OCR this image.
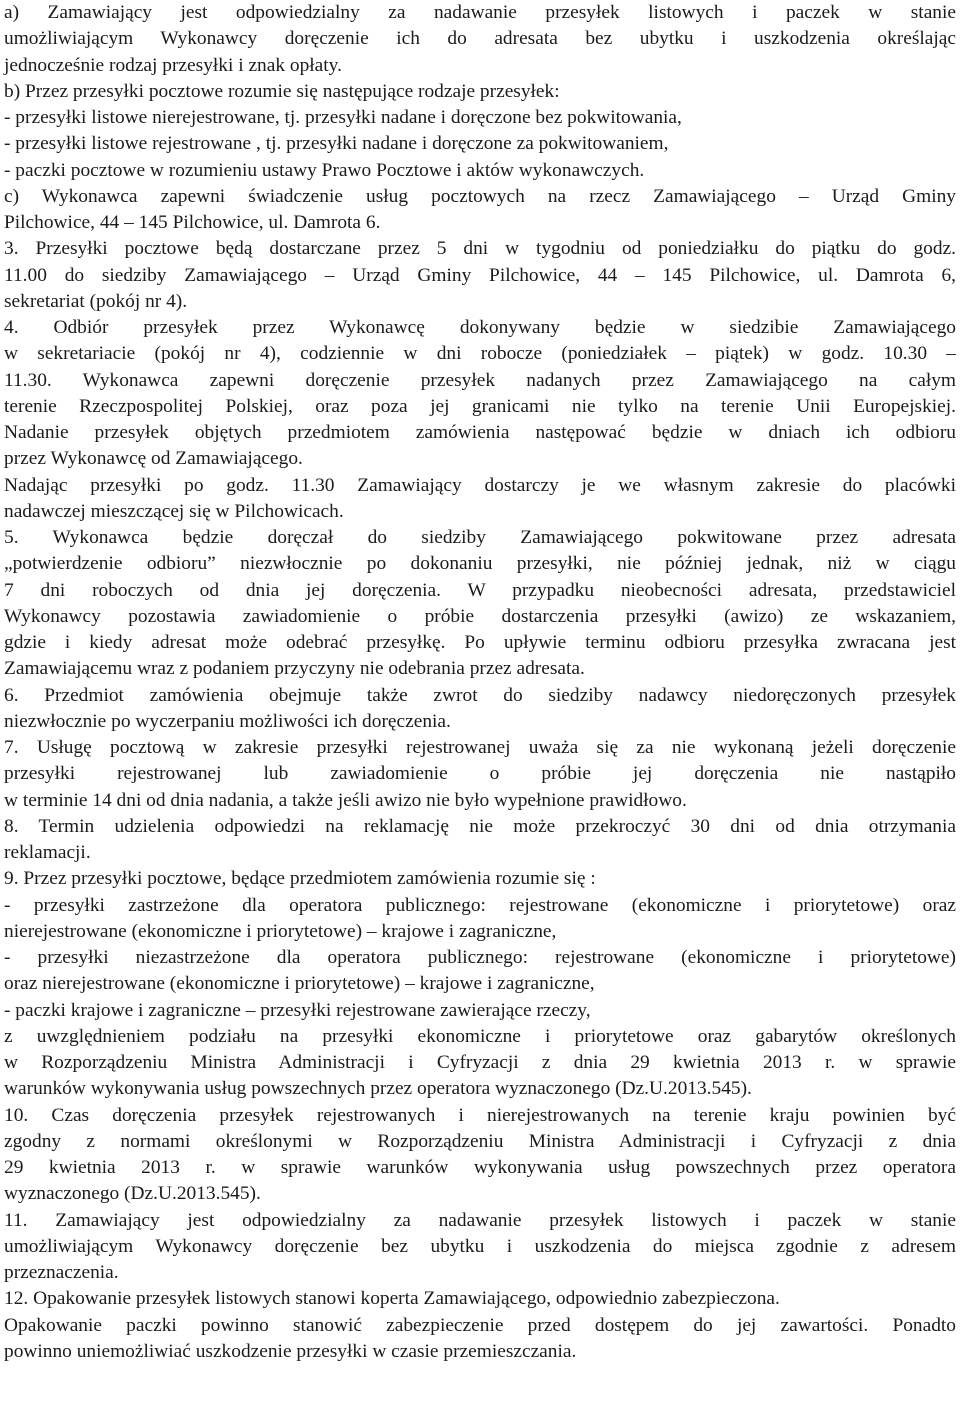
a) Zamawiający jest odpowiedzialny za nadawanie przesyłek listowych i paczek w stanie
umożliwiającym Wykonawcy doręczenie ich do adresata bez ubytku i uszkodzenia określając
jednocześnie rodzaj przesyłki i znak opłaty.
b) Przez przesyłki pocztowe rozumie się następujące rodzaje przesyłek:
- przesyłki listowe nierejestrowane, tj. przesyłki nadane i doręczone bez pokwitowania,
- przesyłki listowe rejestrowane , tj. przesyłki nadane i doręczone za pokwitowaniem,
- paczki pocztowe w rozumieniu ustawy Prawo Pocztowe i aktów wykonawczych.
c) Wykonawca zapewni świadczenie usług pocztowych na rzecz Zamawiającego – Urząd Gminy
Pilchowice, 44 – 145 Pilchowice, ul. Damrota 6.
3. Przesyłki pocztowe będą dostarczane przez 5 dni w tygodniu od poniedziałku do piątku do godz.
11.00 do siedziby Zamawiającego – Urząd Gminy Pilchowice, 44 – 145 Pilchowice, ul. Damrota 6,
sekretariat (pokój nr 4).
4. Odbiór przesyłek przez Wykonawcę dokonywany będzie w siedzibie Zamawiającego
w sekretariacie (pokój nr 4), codziennie w dni robocze (poniedziałek – piątek) w godz. 10.30 –
11.30. Wykonawca zapewni doręczenie przesyłek nadanych przez Zamawiającego na całym
terenie Rzeczpospolitej Polskiej, oraz poza jej granicami nie tylko na terenie Unii Europejskiej.
Nadanie przesyłek objętych przedmiotem zamówienia następować będzie w dniach ich odbioru
przez Wykonawcę od Zamawiającego.
Nadając przesyłki po godz. 11.30 Zamawiający dostarczy je we własnym zakresie do placówki
nadawczej mieszczącej się w Pilchowicach.
5. Wykonawca będzie doręczał do siedziby Zamawiającego pokwitowane przez adresata
„potwierdzenie odbioru” niezwłocznie po dokonaniu przesyłki, nie później jednak, niż w ciągu
7 dni roboczych od dnia jej doręczenia. W przypadku nieobecności adresata, przedstawiciel
Wykonawcy pozostawia zawiadomienie o próbie dostarczenia przesyłki (awizo) ze wskazaniem,
gdzie i kiedy adresat może odebrać przesyłkę. Po upływie terminu odbioru przesyłka zwracana jest
Zamawiającemu wraz z podaniem przyczyny nie odebrania przez adresata.
6. Przedmiot zamówienia obejmuje także zwrot do siedziby nadawcy niedoręczonych przesyłek
niezwłocznie po wyczerpaniu możliwości ich doręczenia.
7. Usługę pocztową w zakresie przesyłki rejestrowanej uważa się za nie wykonaną jeżeli doręczenie
przesyłki rejestrowanej lub zawiadomienie o próbie jej doręczenia nie nastąpiło
w terminie 14 dni od dnia nadania, a także jeśli awizo nie było wypełnione prawidłowo.
8. Termin udzielenia odpowiedzi na reklamację nie może przekroczyć 30 dni od dnia otrzymania
reklamacji.
9. Przez przesyłki pocztowe, będące przedmiotem zamówienia rozumie się :
- przesyłki zastrzeżone dla operatora publicznego: rejestrowane (ekonomiczne i priorytetowe) oraz
nierejestrowane (ekonomiczne i priorytetowe) – krajowe i zagraniczne,
- przesyłki niezastrzeżone dla operatora publicznego: rejestrowane (ekonomiczne i priorytetowe)
oraz nierejestrowane (ekonomiczne i priorytetowe) – krajowe i zagraniczne,
- paczki krajowe i zagraniczne – przesyłki rejestrowane zawierające rzeczy,
z uwzględnieniem podziału na przesyłki ekonomiczne i priorytetowe oraz gabarytów określonych
w Rozporządzeniu Ministra Administracji i Cyfryzacji z dnia 29 kwietnia 2013 r. w sprawie
warunków wykonywania usług powszechnych przez operatora wyznaczonego (Dz.U.2013.545).
10. Czas doręczenia przesyłek rejestrowanych i nierejestrowanych na terenie kraju powinien być
zgodny z normami określonymi w Rozporządzeniu Ministra Administracji i Cyfryzacji z dnia
29 kwietnia 2013 r. w sprawie warunków wykonywania usług powszechnych przez operatora
wyznaczonego (Dz.U.2013.545).
11. Zamawiający jest odpowiedzialny za nadawanie przesyłek listowych i paczek w stanie
umożliwiającym Wykonawcy doręczenie bez ubytku i uszkodzenia do miejsca zgodnie z adresem
przeznaczenia.
12. Opakowanie przesyłek listowych stanowi koperta Zamawiającego, odpowiednio zabezpieczona.
Opakowanie paczki powinno stanowić zabezpieczenie przed dostępem do jej zawartości. Ponadto
powinno uniemożliwiać uszkodzenie przesyłki w czasie przemieszczania.
